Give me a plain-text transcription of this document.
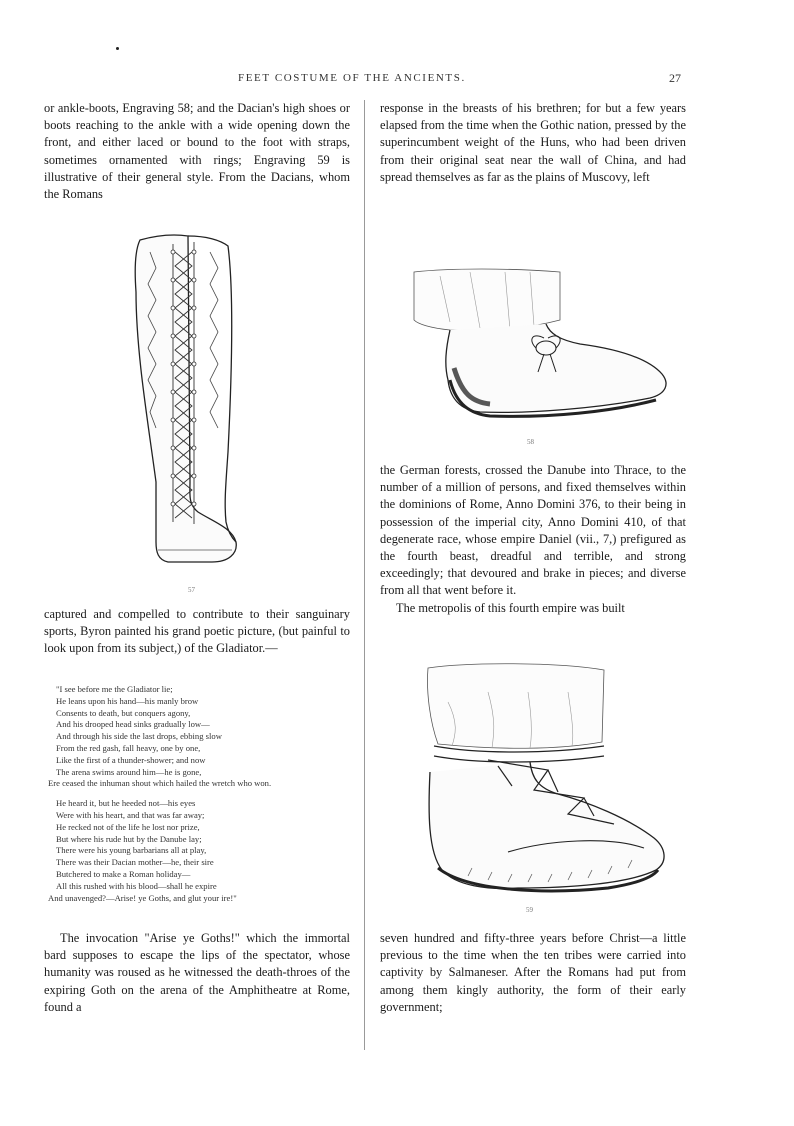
FEET COSTUME OF THE ANCIENTS.	27

or ankle-boots, Engraving 58; and the Dacian's high shoes or boots reaching to the ankle with a wide opening down the front, and either laced or bound to the foot with straps, sometimes ornamented with rings; Engraving 59 is illustrative of their general style. From the Dacians, whom the Romans

57

captured and compelled to contribute to their sanguinary sports, Byron painted his grand poetic picture, (but painful to look upon from its subject,) of the Gladiator.—

"I see before me the Gladiator lie;
He leans upon his hand—his manly brow
Consents to death, but conquers agony,
And his drooped head sinks gradually low—
And through his side the last drops, ebbing slow
From the red gash, fall heavy, one by one,
Like the first of a thunder-shower; and now
The arena swims around him—he is gone,
Ere ceased the inhuman shout which hailed the wretch who won.
He heard it, but he heeded not—his eyes
Were with his heart, and that was far away;
He recked not of the life he lost nor prize,
But where his rude hut by the Danube lay;
There were his young barbarians all at play,
There was their Dacian mother—he, their sire
Butchered to make a Roman holiday—
All this rushed with his blood—shall he expire
And unavenged?—Arise! ye Goths, and glut your ire!"

The invocation "Arise ye Goths!" which the immortal bard supposes to escape the lips of the spectator, whose humanity was roused as he witnessed the death-throes of the expiring Goth on the arena of the Amphitheatre at Rome, found a

response in the breasts of his brethren; for but a few years elapsed from the time when the Gothic nation, pressed by the superincumbent weight of the Huns, who had been driven from their original seat near the wall of China, and had spread themselves as far as the plains of Muscovy, left

58

the German forests, crossed the Danube into Thrace, to the number of a million of persons, and fixed themselves within the dominions of Rome, Anno Domini 376, to their being in possession of the imperial city, Anno Domini 410, of that degenerate race, whose empire Daniel (vii., 7,) prefigured as the fourth beast, dreadful and terrible, and strong exceedingly; that devoured and brake in pieces; and diverse from all that went before it.

The metropolis of this fourth empire was built

59

seven hundred and fifty-three years before Christ—a little previous to the time when the ten tribes were carried into captivity by Salmaneser. After the Romans had put from among them kingly authority, the form of their early government;
